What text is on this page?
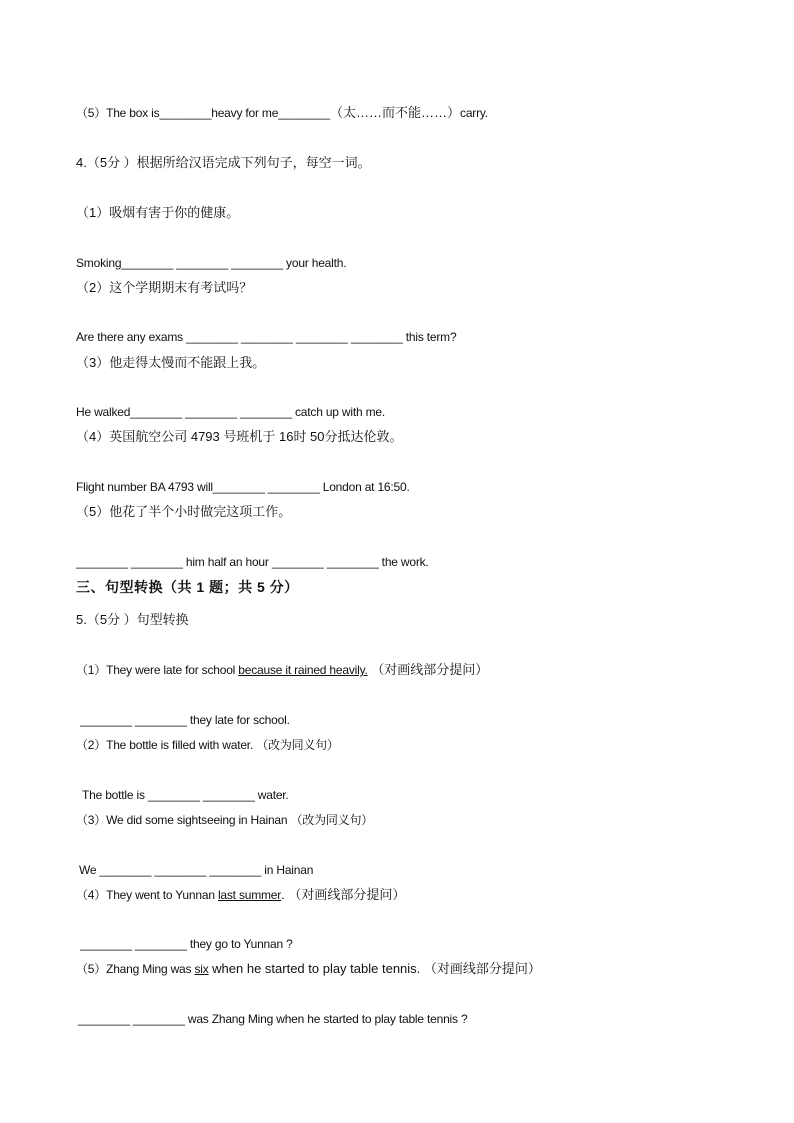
（5）The box is________heavy for me________（太……而不能……）carry.
4.（5分 ）根据所给汉语完成下列句子，每空一词。
（1）吸烟有害于你的健康。
Smoking________ ________ ________ your health.
（2）这个学期期末有考试吗？
Are there any exams ________ ________ ________ ________ this term?
（3）他走得太慢而不能跟上我。
He walked________ ________ ________ catch up with me.
（4）英国航空公司 4793 号班机于 16时 50分抵达伦敦。
Flight number BA 4793 will________ ________ London at 16:50.
（5）他花了半个小时做完这项工作。
________ ________ him half an hour ________ ________ the work.
三、句型转换（共 1 题；共 5 分）
5.（5分 ）句型转换
（1）They were late for school because it rained heavily. （对画线部分提问）
________ ________ they late for school.
（2）The bottle is filled with water. （改为同义句）
The bottle is ________ ________ water.
（3）We did some sightseeing in Hainan （改为同义句）
We ________ ________ ________ in Hainan
（4）They went to Yunnan last summer. （对画线部分提问）
________ ________ they go to Yunnan ?
（5）Zhang Ming was six when he started to play table tennis. （对画线部分提问）
________ ________ was Zhang Ming when he started to play table tennis ?
